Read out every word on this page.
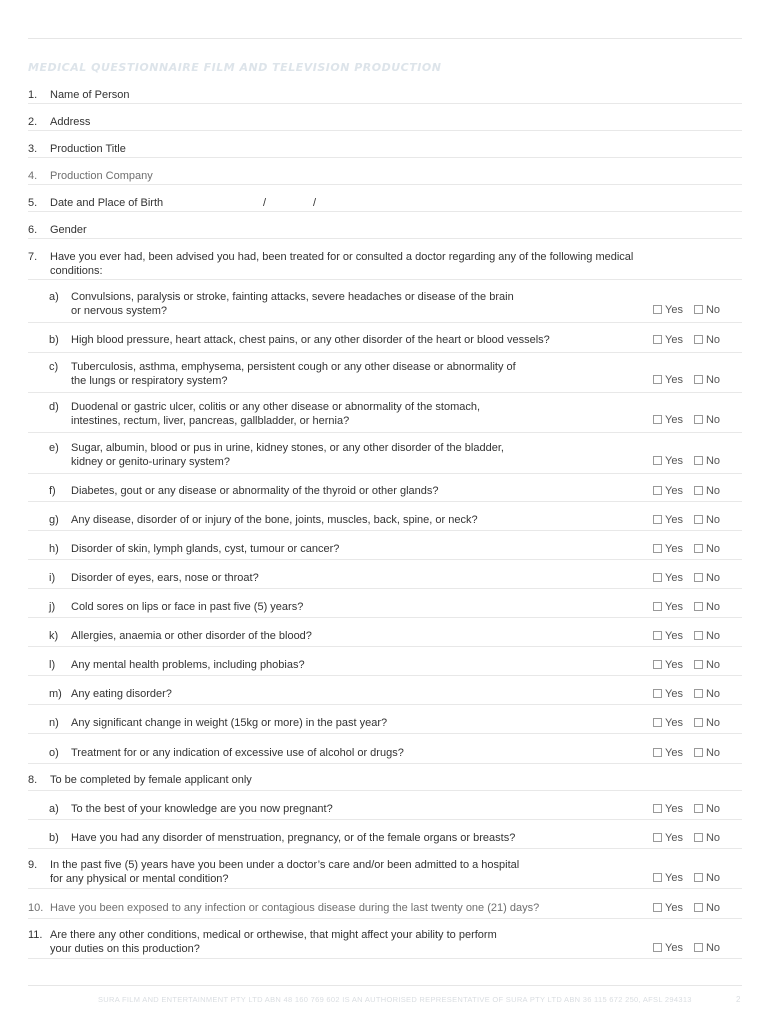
MEDICAL QUESTIONNAIRE FILM AND TELEVISION PRODUCTION
1. Name of Person
2. Address
3. Production Title
4. Production Company
5. Date and Place of Birth	/	/
6. Gender
7. Have you ever had, been advised you had, been treated for or consulted a doctor regarding any of the following medical
conditions:
a) Convulsions, paralysis or stroke, fainting attacks, severe headaches or disease of the brain
or nervous system?	Yes No
b) High blood pressure, heart attack, chest pains, or any other disorder of the heart or blood vessels?	Yes No
c) Tuberculosis, asthma, emphysema, persistent cough or any other disease or abnormality of
the lungs or respiratory system?	Yes No
d) Duodenal or gastric ulcer, colitis or any other disease or abnormality of the stomach,
intestines, rectum, liver, pancreas, gallbladder, or hernia?	Yes No
e) Sugar, albumin, blood or pus in urine, kidney stones, or any other disorder of the bladder,
kidney or genito-urinary system?	Yes No
f) Diabetes, gout or any disease or abnormality of the thyroid or other glands?	Yes No
g) Any disease, disorder of or injury of the bone, joints, muscles, back, spine, or neck?	Yes No
h) Disorder of skin, lymph glands, cyst, tumour or cancer?	Yes No
i) Disorder of eyes, ears, nose or throat?	Yes No
j) Cold sores on lips or face in past five (5) years?	Yes No
k) Allergies, anaemia or other disorder of the blood?	Yes No
l) Any mental health problems, including phobias?	Yes No
m) Any eating disorder?	Yes No
n) Any significant change in weight (15kg or more) in the past year?	Yes No
o) Treatment for or any indication of excessive use of alcohol or drugs?	Yes No
8. To be completed by female applicant only
a) To the best of your knowledge are you now pregnant?	Yes No
b) Have you had any disorder of menstruation, pregnancy, or of the female organs or breasts?	Yes No
9. In the past five (5) years have you been under a doctor’s care and/or been admitted to a hospital
for any physical or mental condition?	Yes No
10. Have you been exposed to any infection or contagious disease during the last twenty one (21) days?	Yes No
11. Are there any other conditions, medical or orthewise, that might affect your ability to perform
your duties on this production?	Yes No
SURA FILM AND ENTERTAINMENT PTY LTD ABN 48 160 769 602 IS AN AUTHORISED REPRESENTATIVE OF SURA PTY LTD ABN 36 115 672 250, AFSL 294313	2
